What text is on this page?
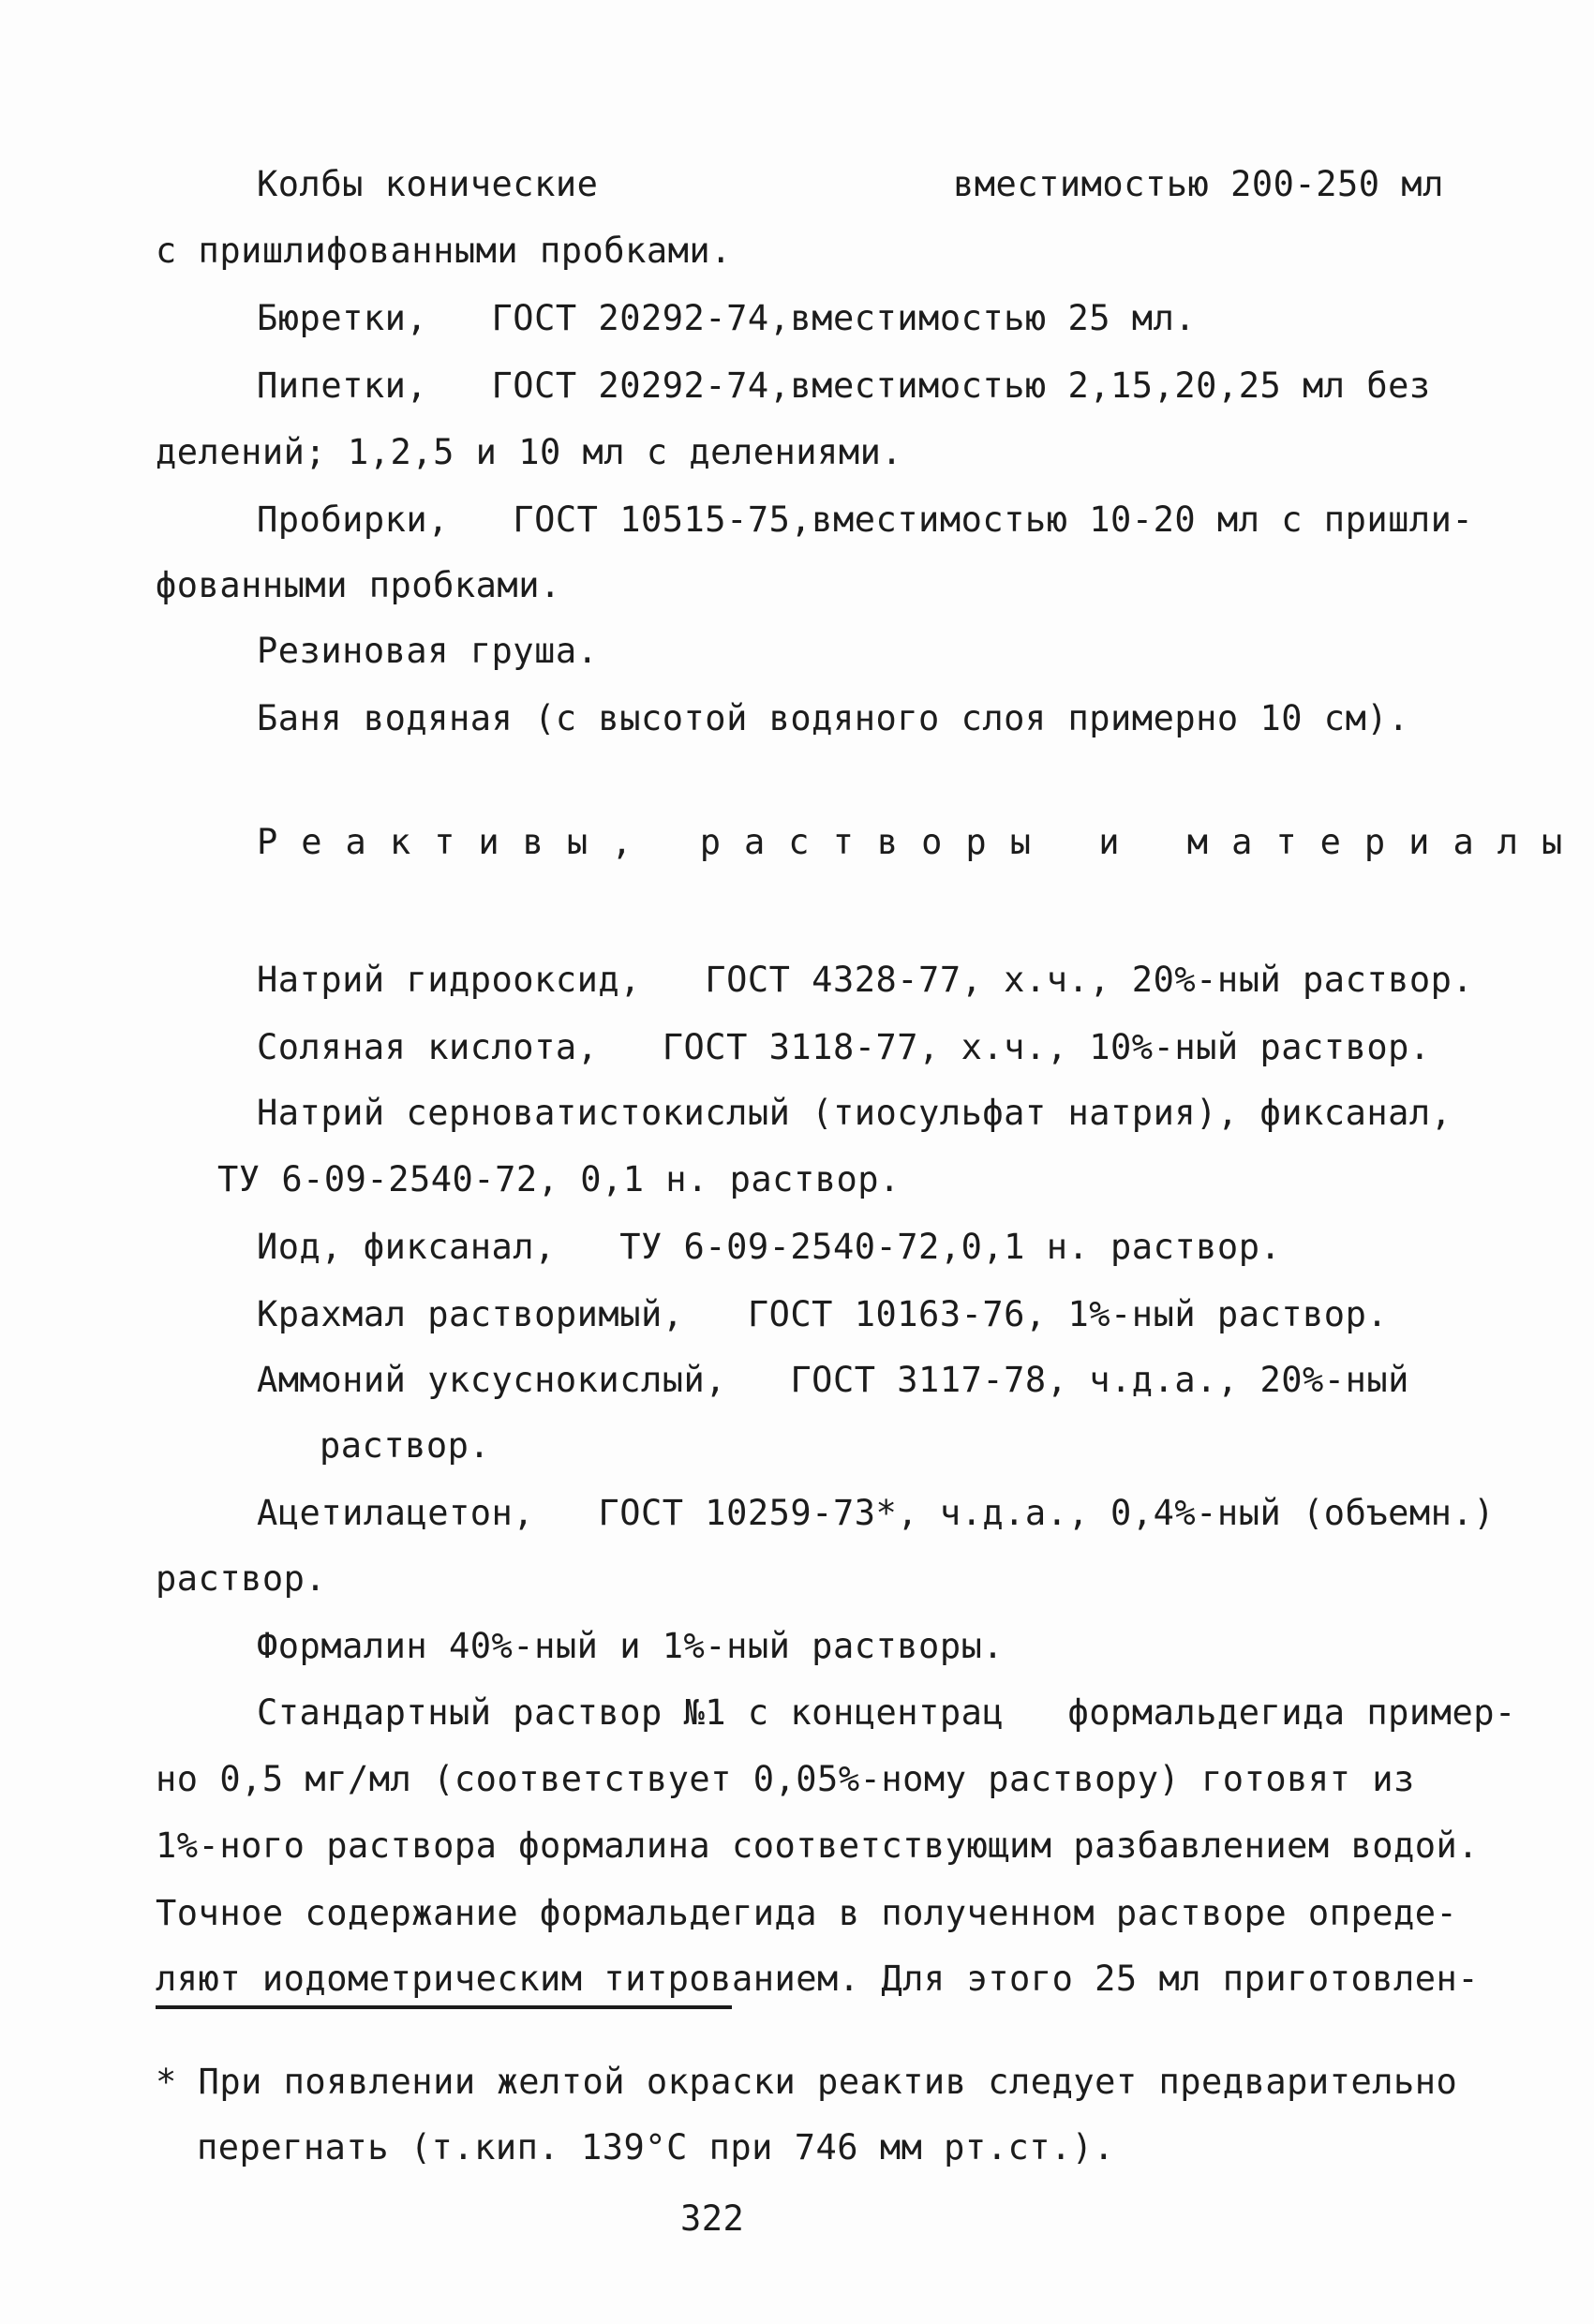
Колбы конические	вместимостью 200-250 мл
с пришлифованными пробками.
Бюретки,   ГОСТ 20292-74,вместимостью 25 мл.
Пипетки,   ГОСТ 20292-74,вместимостью 2,15,20,25 мл без
делений; 1,2,5 и 10 мл с делениями.
Пробирки,   ГОСТ 10515-75,вместимостью 10-20 мл с пришли-
фованными пробками.
Резиновая груша.
Баня водяная (с высотой водяного слоя примерно 10 см).
Реактивы, растворы и материалы
Натрий гидрооксид,   ГОСТ 4328-77, х.ч., 20%-ный раствор.
Соляная кислота,   ГОСТ 3118-77, х.ч., 10%-ный раствор.
Натрий серноватистокислый (тиосульфат натрия), фиксанал,
ТУ 6-09-2540-72, 0,1 н. раствор.
Иод, фиксанал,   ТУ 6-09-2540-72,0,1 н. раствор.
Крахмал растворимый,   ГОСТ 10163-76, 1%-ный раствор.
Аммоний уксуснокислый,   ГОСТ 3117-78, ч.д.а., 20%-ный
раствор.
Ацетилацетон,   ГОСТ 10259-73*, ч.д.а., 0,4%-ный (объемн.)
раствор.
Формалин 40%-ный и 1%-ный растворы.
Стандартный раствор №1 с концентрац   формальдегида пример-
но 0,5 мг/мл (соответствует 0,05%-ному раствору) готовят из
1%-ного раствора формалина соответствующим разбавлением водой.
Точное содержание формальдегида в полученном растворе опреде-
ляют иодометрическим титрованием. Для этого 25 мл приготовлен-
* При появлении желтой окраски реактив следует предварительно
перегнать (т.кип. 139°C при 746 мм рт.ст.).
322
